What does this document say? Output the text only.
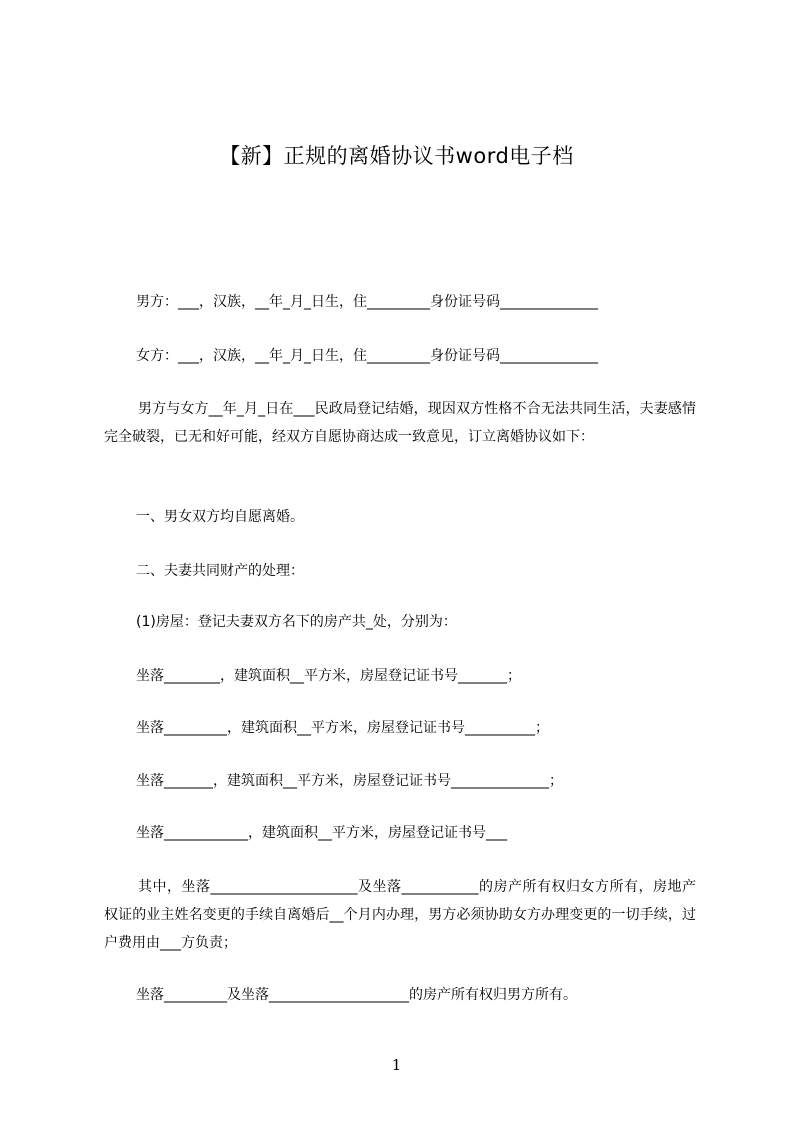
【新】正规的离婚协议书word电子档
男方：___，汉族，__年_月_日生，住_________身份证号码______________
女方：___，汉族，__年_月_日生，住_________身份证号码______________
男方与女方__年_月_日在___民政局登记结婚，现因双方性格不合无法共同生活，夫妻感情完全破裂，已无和好可能，经双方自愿协商达成一致意见，订立离婚协议如下：
一、男女双方均自愿离婚。
二、夫妻共同财产的处理：
(1)房屋：登记夫妻双方名下的房产共_处，分别为：
坐落________，建筑面积__平方米，房屋登记证书号_______；
坐落_________，建筑面积__平方米，房屋登记证书号__________；
坐落_______，建筑面积__平方米，房屋登记证书号______________；
坐落____________，建筑面积__平方米，房屋登记证书号___
其中，坐落_____________________及坐落___________的房产所有权归女方所有，房地产权证的业主姓名变更的手续自离婚后__个月内办理，男方必须协助女方办理变更的一切手续，过户费用由___方负责；
坐落_________及坐落____________________的房产所有权归男方所有。
1
